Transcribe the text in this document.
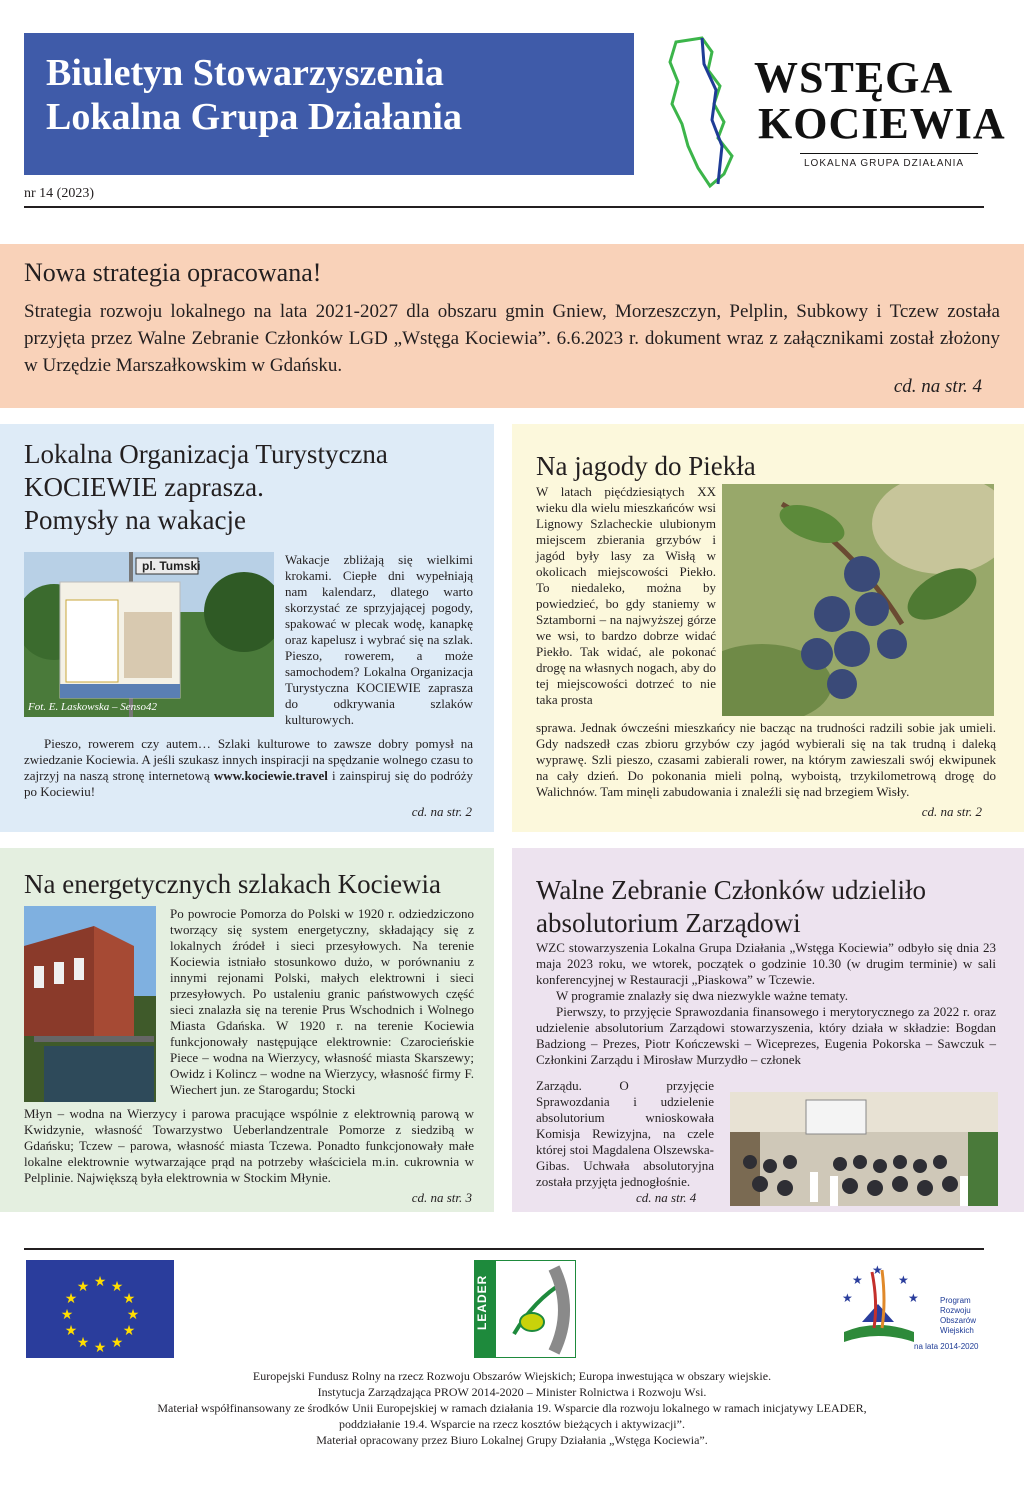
Biuletyn Stowarzyszenia
Lokalna Grupa Działania
nr 14 (2023)
WSTĘGA
KOCIEWIA
LOKALNA GRUPA DZIAŁANIA
Nowa strategia opracowana!

Strategia rozwoju lokalnego na lata 2021-2027 dla obszaru gmin Gniew, Morzeszczyn, Pelplin, Subkowy i Tczew została przyjęta przez Walne Zebranie Członków LGD „Wstęga Kociewia”. 6.6.2023 r. dokument wraz z załącznikami został złożony w Urzędzie Marszałkowskim w Gdańsku.

cd. na str. 4
Lokalna Organizacja Turystyczna
KOCIEWIE zaprasza.
Pomysły na wakacje
pl. Tumski
Fot. E. Laskowska – Senso42

Wakacje zbliżają się wielkimi krokami. Ciepłe dni wypełniają nam kalendarz, dlatego warto skorzystać ze sprzyjającej pogody, spakować w plecak wodę, kanapkę oraz kapelusz i wybrać się na szlak. Pieszo, rowerem, a może samochodem? Lokalna Organizacja Turystyczna KOCIEWIE zaprasza do odkrywania szlaków kulturowych.

Pieszo, rowerem czy autem… Szlaki kulturowe to zawsze dobry pomysł na zwiedzanie Kociewia. A jeśli szukasz innych inspiracji na spędzanie wolnego czasu to zajrzyj na naszą stronę internetową www.kociewie.travel i zainspiruj się do podróży po Kociewiu!

cd. na str. 2
Na jagody do Piekła

W latach pięćdziesiątych XX wieku dla wielu mieszkańców wsi Lignowy Szlacheckie ulubionym miejscem zbierania grzybów i jagód były lasy za Wisłą w okolicach miejscowości Piekło. To niedaleko, można by powiedzieć, bo gdy staniemy w Sztamborni – na najwyższej górze we wsi, to bardzo dobrze widać Piekło. Tak widać, ale pokonać drogę na własnych nogach, aby do tej miejscowości dotrzeć to nie taka prosta

sprawa. Jednak ówcześni mieszkańcy nie bacząc na trudności radzili sobie jak umieli. Gdy nadszedł czas zbioru grzybów czy jagód wybierali się na tak trudną i daleką wyprawę. Szli pieszo, czasami zabierali rower, na którym zawieszali swój ekwipunek na cały dzień. Do pokonania mieli polną, wyboistą, trzykilometrową drogę do Walichnów. Tam minęli zabudowania i znaleźli się nad brzegiem Wisły.

cd. na str. 2
Na energetycznych szlakach Kociewia

Po powrocie Pomorza do Polski w 1920 r. odziedziczono tworzący się system energetyczny, składający się z lokalnych źródeł i sieci przesyłowych. Na terenie Kociewia istniało stosunkowo dużo, w porównaniu z innymi rejonami Polski, małych elektrowni i sieci przesyłowych. Po ustaleniu granic państwowych część sieci znalazła się na terenie Prus Wschodnich i Wolnego Miasta Gdańska. W 1920 r. na terenie Kociewia funkcjonowały następujące elektrownie: Czarocieńskie Piece – wodna na Wierzycy, własność miasta Skarszewy; Owidz i Kolincz – wodne na Wierzycy, własność firmy F. Wiechert jun. ze Starogardu; Stocki

Młyn – wodna na Wierzycy i parowa pracujące wspólnie z elektrownią parową w Kwidzynie, własność Towarzystwo Ueberlandzentrale Pomorze z siedzibą w Gdańsku; Tczew – parowa, własność miasta Tczewa. Ponadto funkcjonowały małe lokalne elektrownie wytwarzające prąd na potrzeby właściciela m.in. cukrownia w Pelplinie. Największą była elektrownia w Stockim Młynie.

cd. na str. 3
Walne Zebranie Członków udzieliło
absolutorium Zarządowi

WZC stowarzyszenia Lokalna Grupa Działania „Wstęga Kociewia” odbyło się dnia 23 maja 2023 roku, we wtorek, początek o godzinie 10.30 (w drugim terminie) w sali konferencyjnej w Restauracji „Piaskowa” w Tczewie.

W programie znalazły się dwa niezwykle ważne tematy.

Pierwszy, to przyjęcie Sprawozdania finansowego i merytorycznego za 2022 r. oraz udzielenie absolutorium Zarządowi stowarzyszenia, który działa w składzie: Bogdan Badziong – Prezes, Piotr Kończewski – Wiceprezes, Eugenia Pokorska – Sawczuk – Członkini Zarządu i Mirosław Murzydło – członek

Zarządu. O przyjęcie Sprawozdania i udzielenie absolutorium wnioskowała Komisja Rewizyjna, na czele której stoi Magdalena Olszewska-Gibas. Uchwała absolutoryjna została przyjęta jednogłośnie.

cd. na str. 4
★ ★
★
★
★
★
★
★
★
★
★
★	LEADER	★
★
★
★
★	Program
Rozwoju
Obszarów
Wiejskich
na lata 2014-2020
Europejski Fundusz Rolny na rzecz Rozwoju Obszarów Wiejskich; Europa inwestująca w obszary wiejskie.
Instytucja Zarządzająca PROW 2014-2020 – Minister Rolnictwa i Rozwoju Wsi.
Materiał współfinansowany ze środków Unii Europejskiej w ramach działania 19. Wsparcie dla rozwoju lokalnego w ramach inicjatywy LEADER,
poddziałanie 19.4. Wsparcie na rzecz kosztów bieżących i aktywizacji”.
Materiał opracowany przez Biuro Lokalnej Grupy Działania „Wstęga Kociewia”.
